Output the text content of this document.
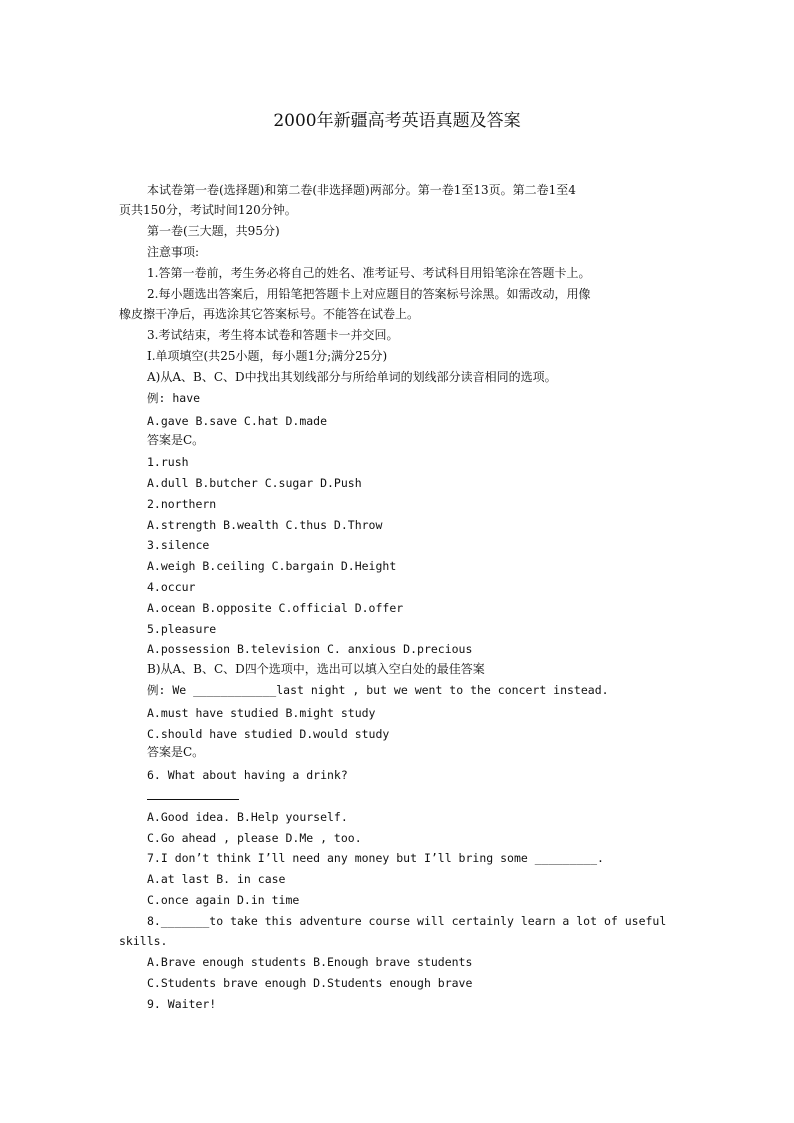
2000年新疆高考英语真题及答案
本试卷第一卷(选择题)和第二卷(非选择题)两部分。第一卷1至13页。第二卷1至4
页共150分，考试时间120分钟。
第一卷(三大题，共95分)
注意事项:
1.答第一卷前，考生务必将自己的姓名、准考证号、考试科目用铅笔涂在答题卡上。
2.每小题选出答案后，用铅笔把答题卡上对应题目的答案标号涂黑。如需改动，用像
橡皮擦干净后，再选涂其它答案标号。不能答在试卷上。
3.考试结束，考生将本试卷和答题卡一并交回。
I.单项填空(共25小题，每小题1分;满分25分)
A)从A、B、C、D中找出其划线部分与所给单词的划线部分读音相同的选项。
例: have
A.gave B.save C.hat D.made
答案是C。
1.rush
A.dull B.butcher C.sugar D.Push
2.northern
A.strength B.wealth C.thus D.Throw
3.silence
A.weigh B.ceiling C.bargain D.Height
4.occur
A.ocean B.opposite C.official D.offer
5.pleasure
A.possession B.television C. anxious D.precious
B)从A、B、C、D四个选项中，选出可以填入空白处的最佳答案
例: We ____________last night , but we went to the concert instead.
A.must have studied B.might study
C.should have studied D.would study
答案是C。
6. What about having a drink?
A.Good idea. B.Help yourself.
C.Go ahead , please D.Me , too.
7.I don’t think I’ll need any money but I’ll bring some _________.
A.at last B. in case
C.once again D.in time
8._______to take this adventure course will certainly learn a lot of useful
skills.
A.Brave enough students B.Enough brave students
C.Students brave enough D.Students enough brave
9. Waiter!
